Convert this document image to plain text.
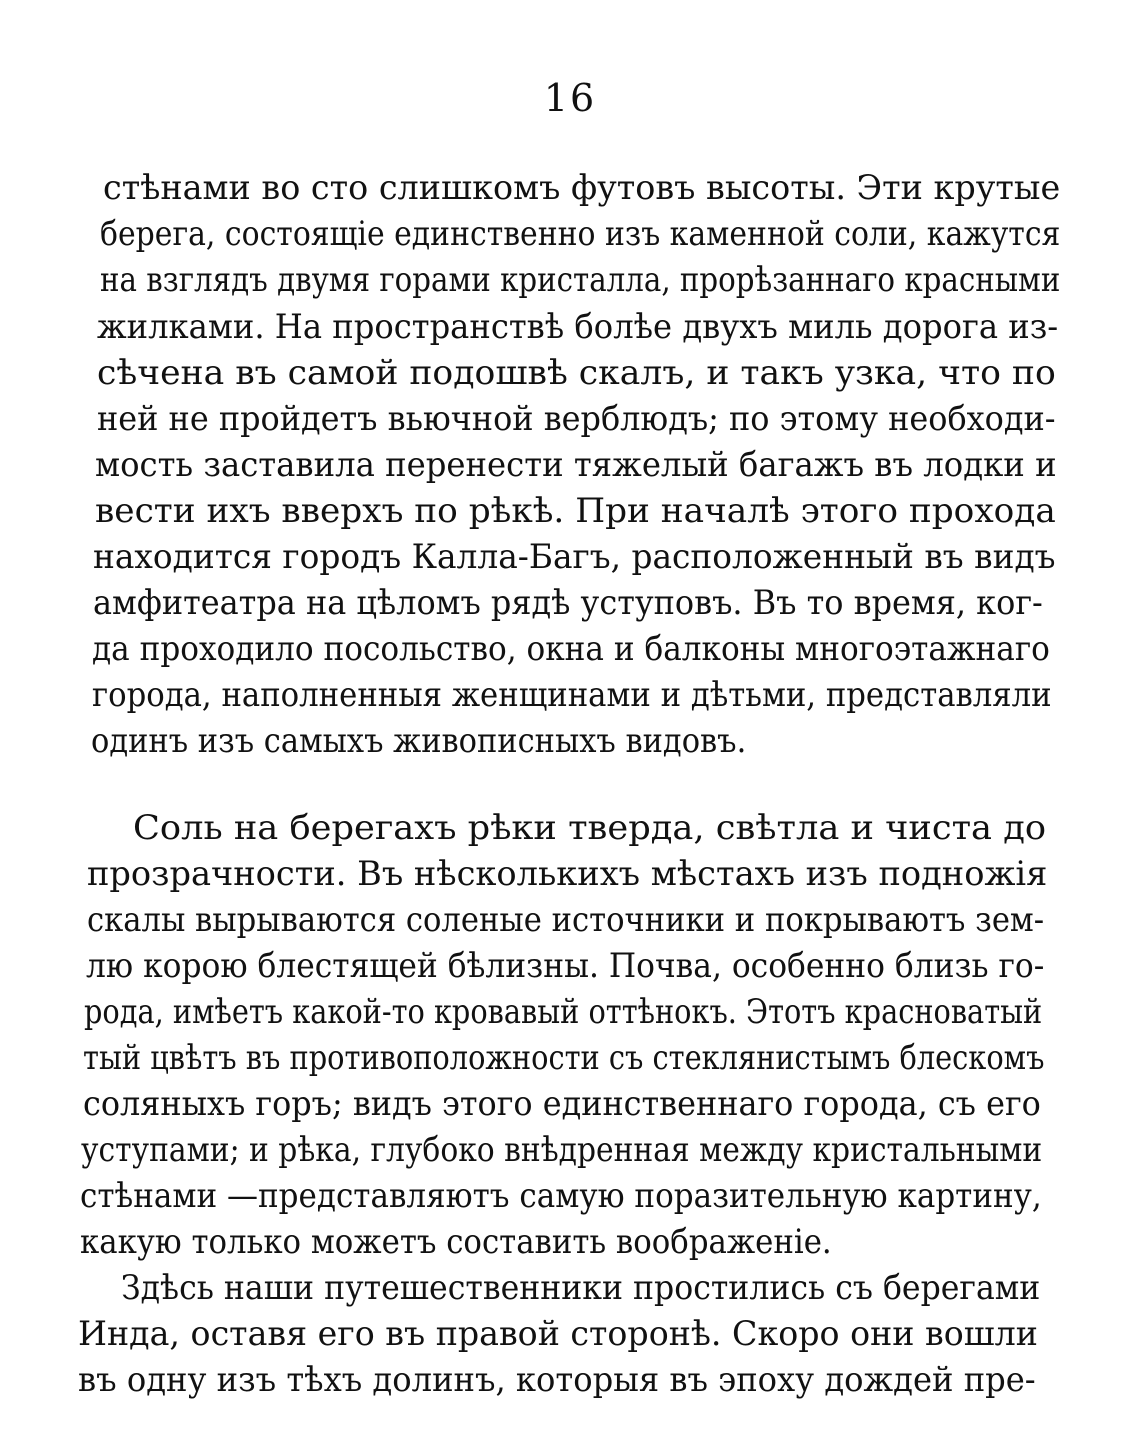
16
стѣнами во сто слишкомъ футовъ высоты. Эти крутые
берега, состоящіе единственно изъ каменной соли, кажутся
на взглядъ двумя горами кристалла, прорѣзаннаго красными
жилками. На пространствѣ болѣе двухъ миль дорога из-
сѣчена въ самой подошвѣ скалъ, и такъ узка, что по
ней не пройдетъ вьючной верблюдъ; по этому необходи-
мость заставила перенести тяжелый багажъ въ лодки и
вести ихъ вверхъ по рѣкѣ. При началѣ этого прохода
находится городъ Калла-Багъ, расположенный въ видъ
амфитеатра на цѣломъ рядѣ уступовъ. Въ то время, ког-
да проходило посольство, окна и балконы многоэтажнаго
города, наполненныя женщинами и дѣтьми, представляли
одинъ изъ самыхъ живописныхъ видовъ.
Соль на берегахъ рѣки тверда, свѣтла и чиста до
прозрачности. Въ нѣсколькихъ мѣстахъ изъ подножія
скалы вырываются соленые источники и покрываютъ зем-
лю корою блестящей бѣлизны. Почва, особенно близь го-
рода, имѣетъ какой-то кровавый оттѣнокъ. Этотъ красноватый
тый цвѣтъ въ противоположности съ стеклянистымъ блескомъ
соляныхъ горъ; видъ этого единственнаго города, съ его
уступами; и рѣка, глубоко внѣдренная между кристальными
стѣнами —представляютъ самую поразительную картину,
какую только можетъ составить воображеніе.
Здѣсь наши путешественники простились съ берегами
Инда, оставя его въ правой сторонѣ. Скоро они вошли
въ одну изъ тѣхъ долинъ, которыя въ эпоху дождей пре-
